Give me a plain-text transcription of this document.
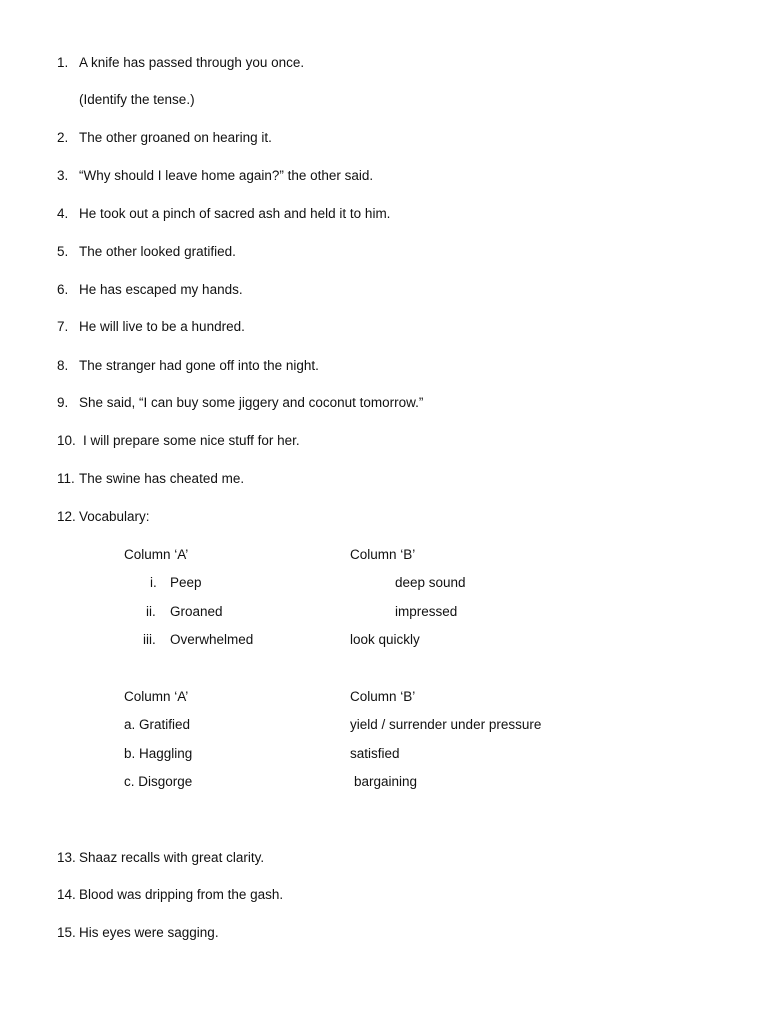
1. A knife has passed through you once.
(Identify the tense.)
2. The other groaned on hearing it.
3. “Why should I leave home again?” the other said.
4. He took out a pinch of sacred ash and held it to him.
5. The other looked gratified.
6. He has escaped my hands.
7. He will live to be a hundred.
8. The stranger had gone off into the night.
9. She said, “I can buy some jiggery and coconut tomorrow.”
10. I will prepare some nice stuff for her.
11. The swine has cheated me.
12. Vocabulary:
Column ‘A’	Column ‘B’
i. Peep	deep sound
ii. Groaned	impressed
iii. Overwhelmed	look quickly
Column ‘A’	Column ‘B’
a. Gratified	yield / surrender under pressure
b. Haggling	satisfied
c. Disgorge	bargaining
13. Shaaz recalls with great clarity.
14. Blood was dripping from the gash.
15. His eyes were sagging.
